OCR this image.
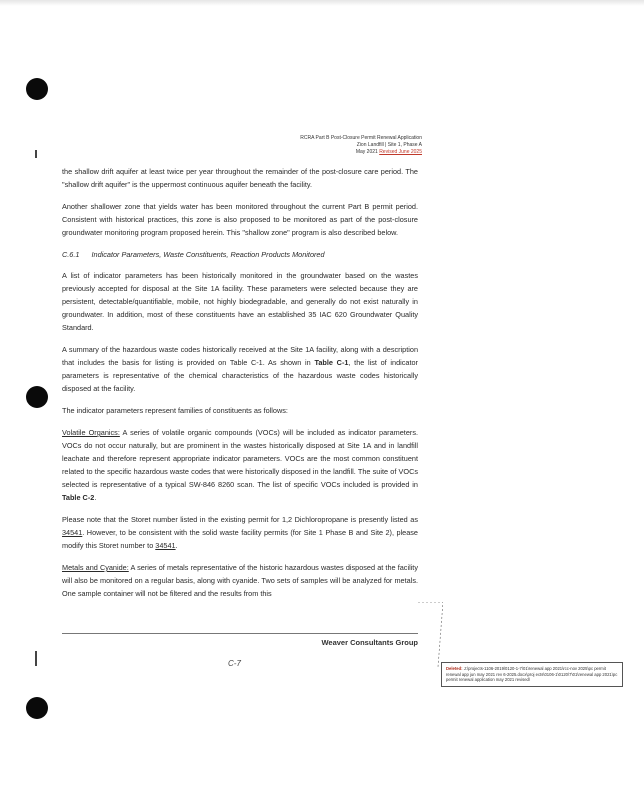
RCRA Part B Post-Closure Permit Renewal Application
Zion Landfill | Site 1, Phase A
May 2021 Revised June 2025

the shallow drift aquifer at least twice per year throughout the remainder of the post-closure care period. The "shallow drift aquifer" is the uppermost continuous aquifer beneath the facility.

Another shallower zone that yields water has been monitored throughout the current Part B permit period. Consistent with historical practices, this zone is also proposed to be monitored as part of the post-closure groundwater monitoring program proposed herein. This "shallow zone" program is also described below.

C.6.1 Indicator Parameters, Waste Constituents, Reaction Products Monitored

A list of indicator parameters has been historically monitored in the groundwater based on the wastes previously accepted for disposal at the Site 1A facility. These parameters were selected because they are persistent, detectable/quantifiable, mobile, not highly biodegradable, and generally do not exist naturally in groundwater. In addition, most of these constituents have an established 35 IAC 620 Groundwater Quality Standard.

A summary of the hazardous waste codes historically received at the Site 1A facility, along with a description that includes the basis for listing is provided on Table C-1. As shown in Table C-1, the list of indicator parameters is representative of the chemical characteristics of the hazardous waste codes historically disposed at the facility.

The indicator parameters represent families of constituents as follows:

Volatile Organics: A series of volatile organic compounds (VOCs) will be included as indicator parameters. VOCs do not occur naturally, but are prominent in the wastes historically disposed at Site 1A and in landfill leachate and therefore represent appropriate indicator parameters. VOCs are the most common constituent related to the specific hazardous waste codes that were historically disposed in the landfill. The suite of VOCs selected is representative of a typical SW-846 8260 scan. The list of specific VOCs included is provided in Table C-2.

Please note that the Storet number listed in the existing permit for 1,2 Dichloropropane is presently listed as 34541. However, to be consistent with the solid waste facility permits (for Site 1 Phase B and Site 2), please modify this Storet number to 34541.

Metals and Cyanide: A series of metals representative of the historic hazardous wastes disposed at the facility will also be monitored on a regular basis, along with cyanide. Two sets of samples will be analyzed for metals. One sample container will not be filtered and the results from this

Weaver Consultants Group
C-7
Deleted: J:\projects-1106-2019\0120-1-7\01\renewal app 2021\rcc-nov 2025\pc permit renewal app jun may 2021 rev 6-2025.docx\proj ects\0106-1\0120\7\01\renewal app 2021\pc permit renewal application may 2021 revised\
